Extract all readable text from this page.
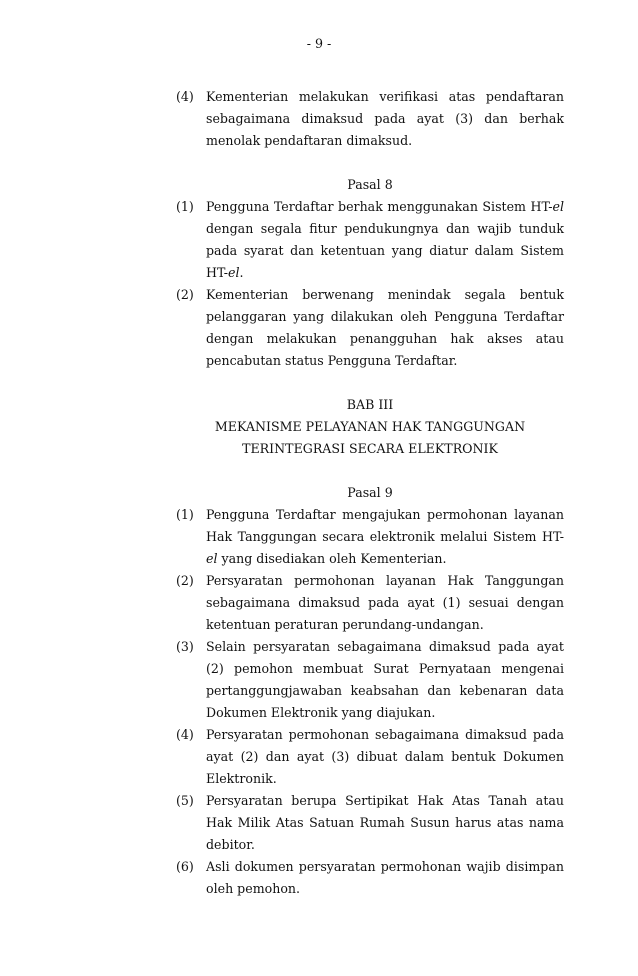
- 9 -
(4) Kementerian melakukan verifikasi atas pendaftaran sebagaimana dimaksud pada ayat (3) dan berhak menolak pendaftaran dimaksud.
Pasal 8
(1) Pengguna Terdaftar berhak menggunakan Sistem HT-el dengan segala fitur pendukungnya dan wajib tunduk pada syarat dan ketentuan yang diatur dalam Sistem HT-el.
(2) Kementerian berwenang menindak segala bentuk pelanggaran yang dilakukan oleh Pengguna Terdaftar dengan melakukan penangguhan hak akses atau pencabutan status Pengguna Terdaftar.
BAB III
MEKANISME PELAYANAN HAK TANGGUNGAN
TERINTEGRASI SECARA ELEKTRONIK
Pasal 9
(1) Pengguna Terdaftar mengajukan permohonan layanan Hak Tanggungan secara elektronik melalui Sistem HT-el yang disediakan oleh Kementerian.
(2) Persyaratan permohonan layanan Hak Tanggungan sebagaimana dimaksud pada ayat (1) sesuai dengan ketentuan peraturan perundang-undangan.
(3) Selain persyaratan sebagaimana dimaksud pada ayat (2) pemohon membuat Surat Pernyataan mengenai pertanggungjawaban keabsahan dan kebenaran data Dokumen Elektronik yang diajukan.
(4) Persyaratan permohonan sebagaimana dimaksud pada ayat (2) dan ayat (3) dibuat dalam bentuk Dokumen Elektronik.
(5) Persyaratan berupa Sertipikat Hak Atas Tanah atau Hak Milik Atas Satuan Rumah Susun harus atas nama debitor.
(6) Asli dokumen persyaratan permohonan wajib disimpan oleh pemohon.
